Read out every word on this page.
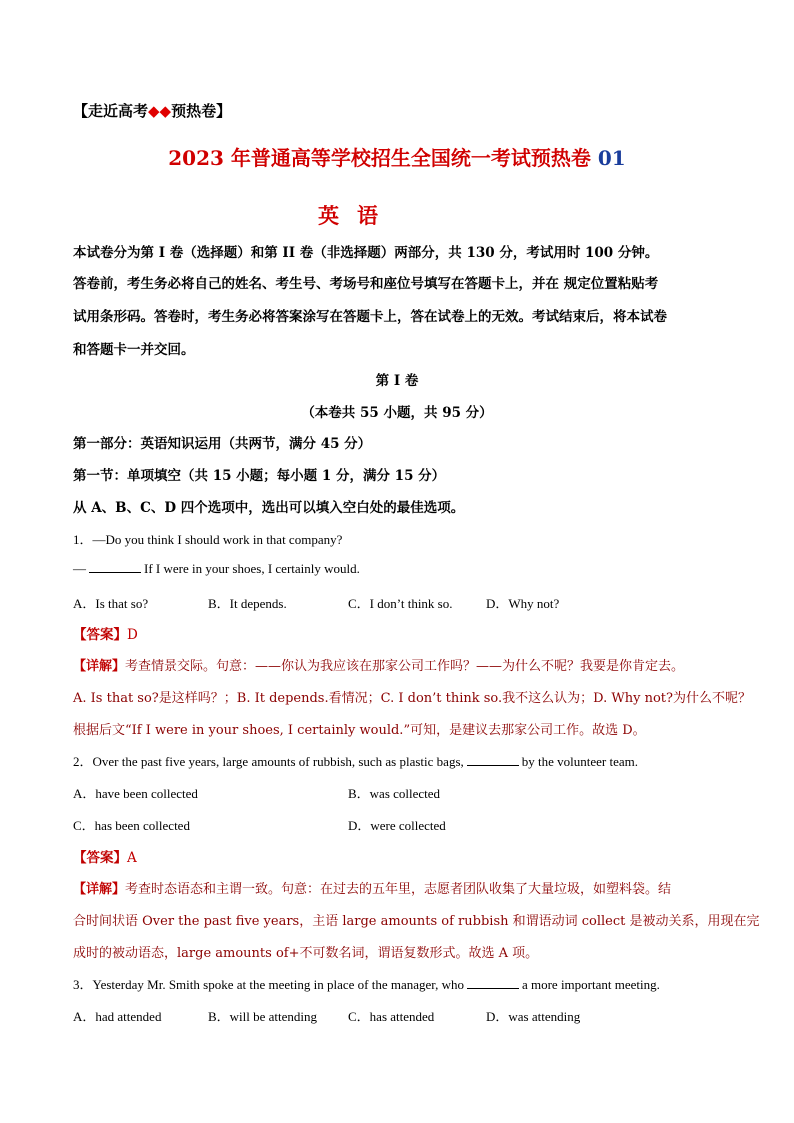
【走近高考◆◆预热卷】
2023 年普通高等学校招生全国统一考试预热卷 01
英语
本试卷分为第 I 卷（选择题）和第 II 卷（非选择题）两部分，共 130 分，考试用时 100 分钟。
答卷前，考生务必将自己的姓名、考生号、考场号和座位号填写在答题卡上，并在 规定位置粘贴考
试用条形码。答卷时，考生务必将答案涂写在答题卡上，答在试卷上的无效。考试结束后，将本试卷
和答题卡一并交回。
第 I 卷
（本卷共 55 小题，共 95 分）
第一部分：英语知识运用（共两节，满分 45 分）
第一节：单项填空（共 15 小题；每小题 1 分，满分 15 分）
从 A、B、C、D 四个选项中，选出可以填入空白处的最佳选项。
1．—Do you think I should work in that company?
—	If I were in your shoes, I certainly would.
A．Is that so?	B．It depends.	C．I don’t think so.	D．Why not?
【答案】D
【详解】考查情景交际。句意：——你认为我应该在那家公司工作吗？——为什么不呢？我要是你肯定去。
A. Is that so?是这样吗？；B. It depends.看情况；C. I don’t think so.我不这么认为；D. Why not?为什么不呢？
根据后文“If I were in your shoes, I certainly would.”可知，是建议去那家公司工作。故选 D。
2．Over the past five years, large amounts of rubbish, such as plastic bags,	by the volunteer team.
A．have been collected	B．was collected
C．has been collected	D．were collected
【答案】A
【详解】考查时态语态和主谓一致。句意：在过去的五年里，志愿者团队收集了大量垃圾，如塑料袋。结
合时间状语 Over the past five years，主语 large amounts of rubbish 和谓语动词 collect 是被动关系，用现在完
成时的被动语态，large amounts of+不可数名词，谓语复数形式。故选 A 项。
3．Yesterday Mr. Smith spoke at the meeting in place of the manager, who	a more important meeting.
A．had attended	B．will be attending C．has attended	D．was attending
